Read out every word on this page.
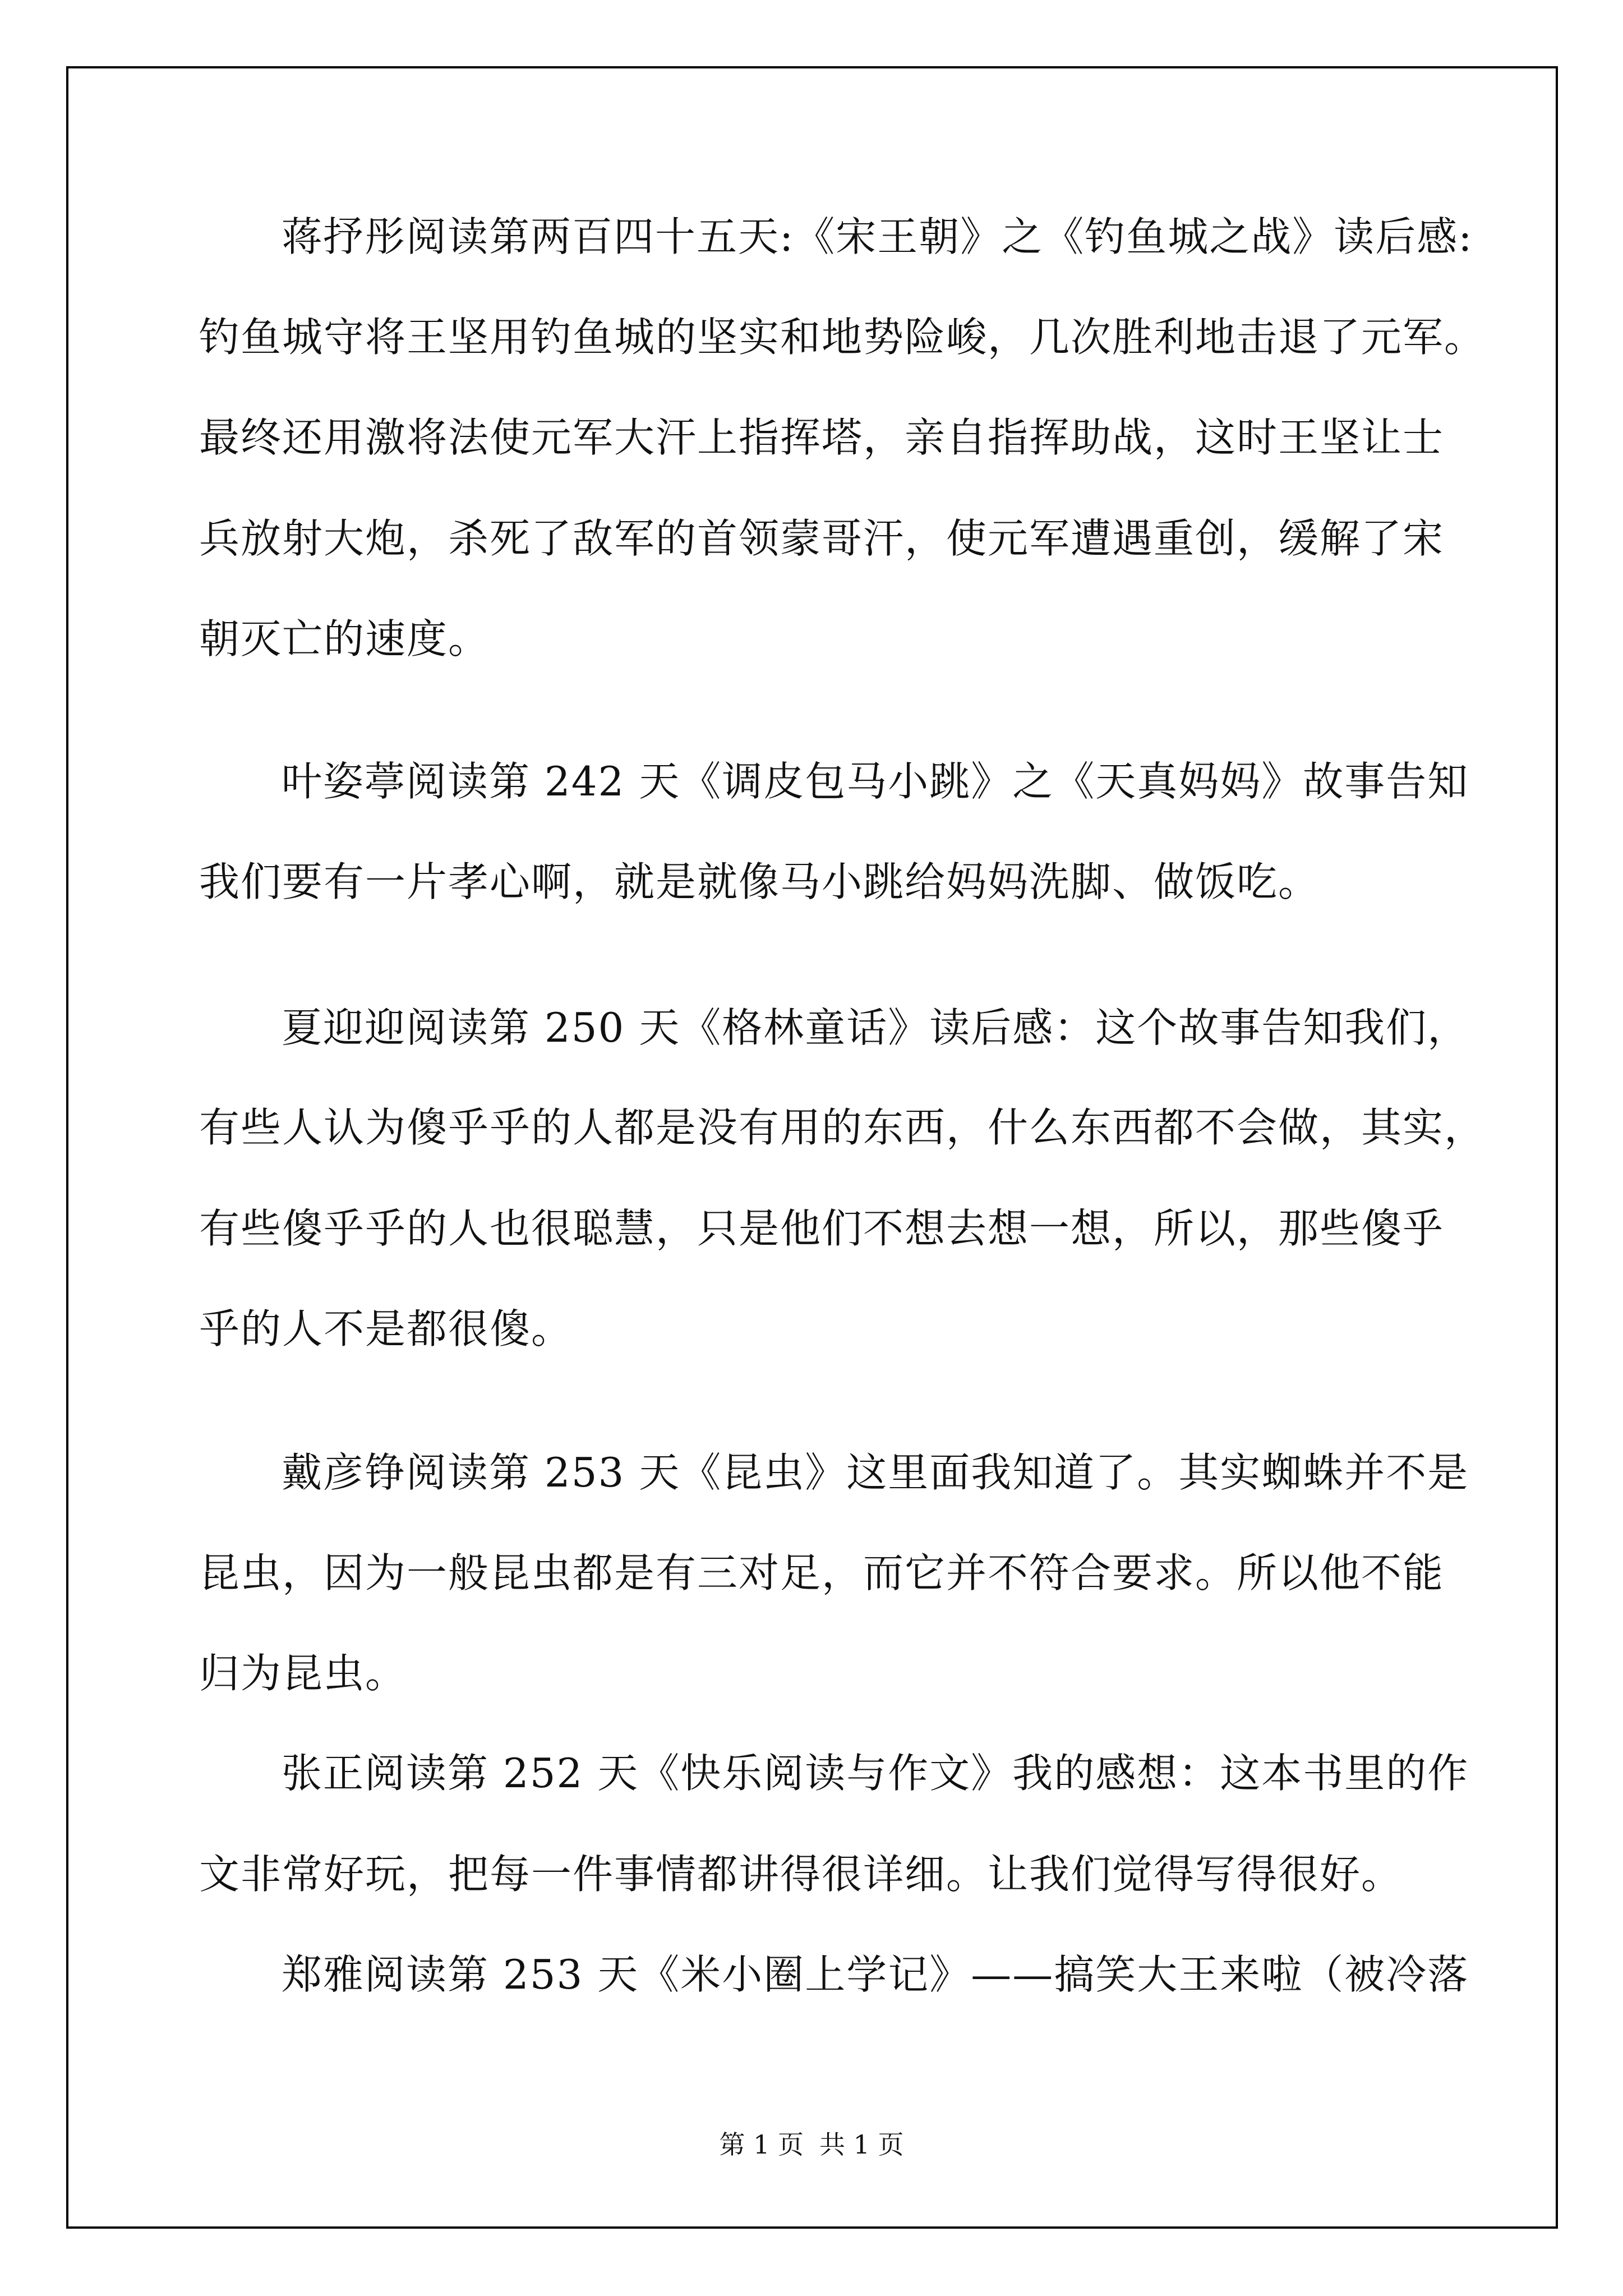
蒋抒彤阅读第两百四十五天:《宋王朝》之《钓鱼城之战》读后感:
钓鱼城守将王坚用钓鱼城的坚实和地势险峻，几次胜利地击退了元军。
最终还用激将法使元军大汗上指挥塔，亲自指挥助战，这时王坚让士
兵放射大炮，杀死了敌军的首领蒙哥汗，使元军遭遇重创，缓解了宋
朝灭亡的速度。
叶姿葶阅读第 242 天《调皮包马小跳》之《天真妈妈》故事告知
我们要有一片孝心啊，就是就像马小跳给妈妈洗脚、做饭吃。
夏迎迎阅读第 250 天《格林童话》读后感：这个故事告知我们，
有些人认为傻乎乎的人都是没有用的东西，什么东西都不会做，其实，
有些傻乎乎的人也很聪慧，只是他们不想去想一想，所以，那些傻乎
乎的人不是都很傻。
戴彦铮阅读第 253 天《昆虫》这里面我知道了。其实蜘蛛并不是
昆虫，因为一般昆虫都是有三对足，而它并不符合要求。所以他不能
归为昆虫。
张正阅读第 252 天《快乐阅读与作文》我的感想：这本书里的作
文非常好玩，把每一件事情都讲得很详细。让我们觉得写得很好。
郑雅阅读第 253 天《米小圈上学记》——搞笑大王来啦（被冷落
第 1 页 共 1 页
